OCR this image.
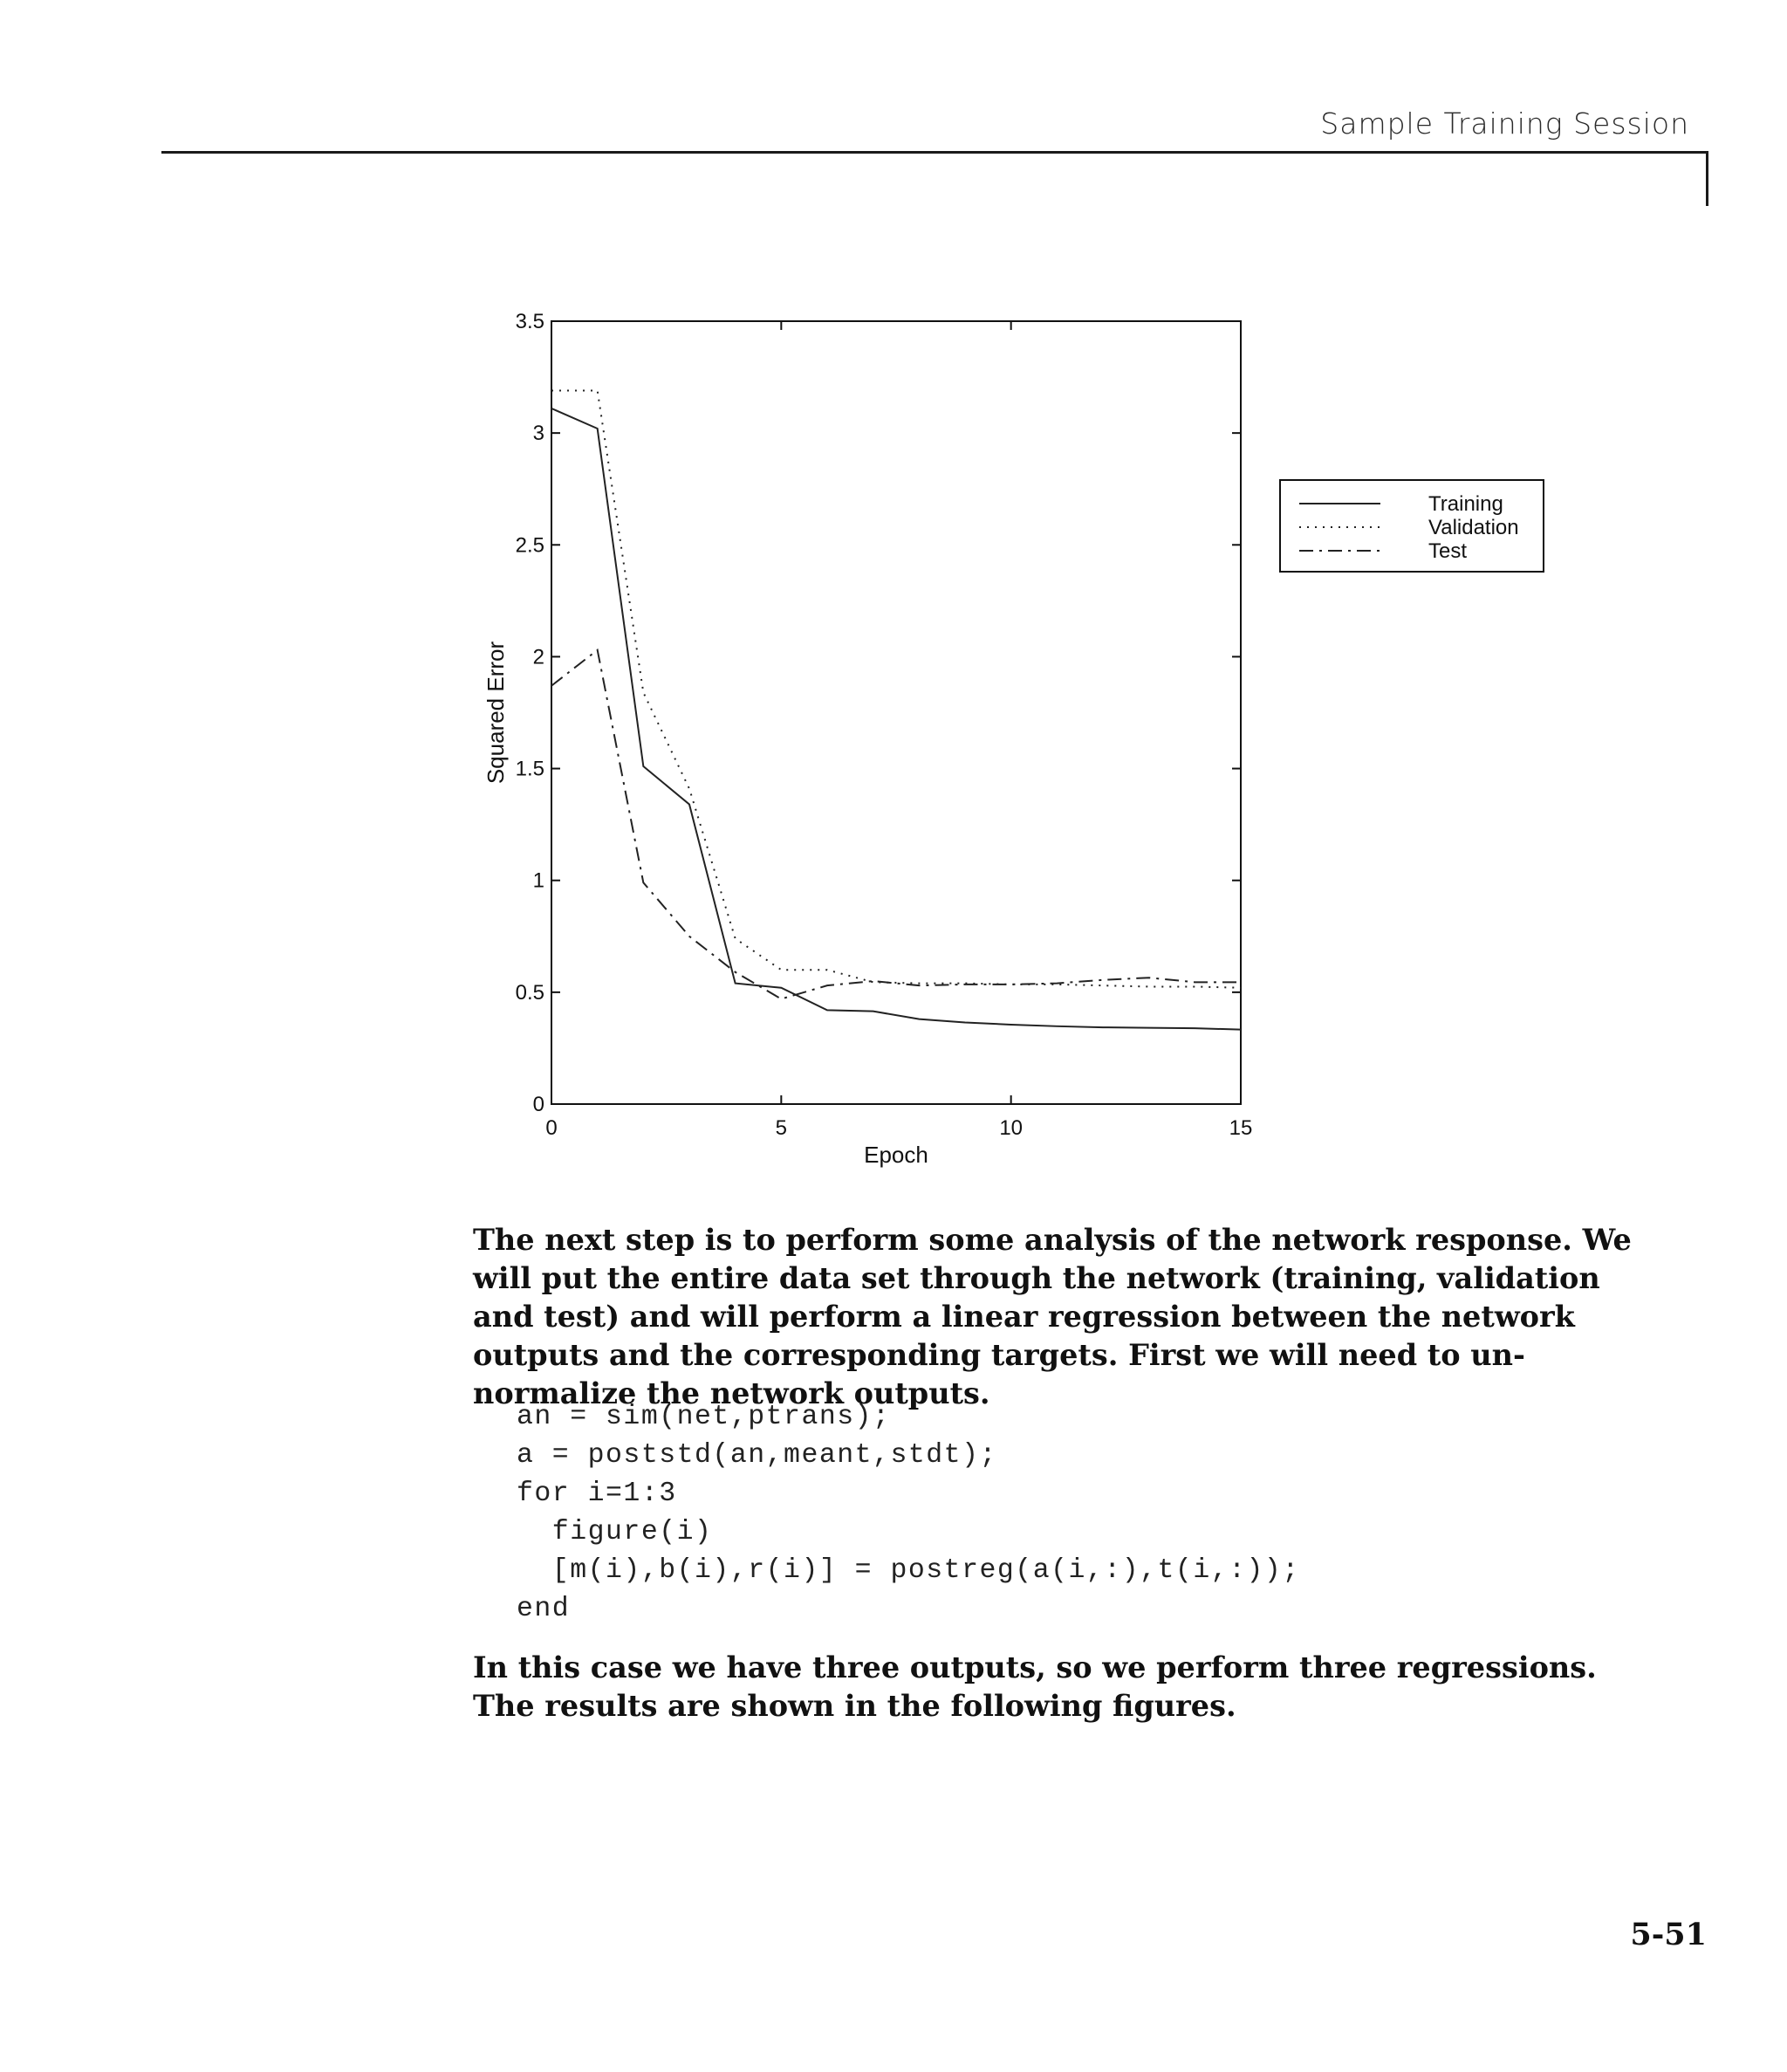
Sample Training Session
0	5	10	15
0
0.5
1
1.5
2
2.5
3
3.5
Epoch
Squared Error
Training
Validation
Test

The next step is to perform some analysis of the network response. We will put the entire data set through the network (training, validation and test) and will perform a linear regression between the network outputs and the corresponding targets. First we will need to un-normalize the network outputs.

an = sim(net,ptrans);
a = poststd(an,meant,stdt);
for i=1:3
figure(i)
[m(i),b(i),r(i)] = postreg(a(i,:),t(i,:));
end

In this case we have three outputs, so we perform three regressions. The results are shown in the following figures.

5-51
